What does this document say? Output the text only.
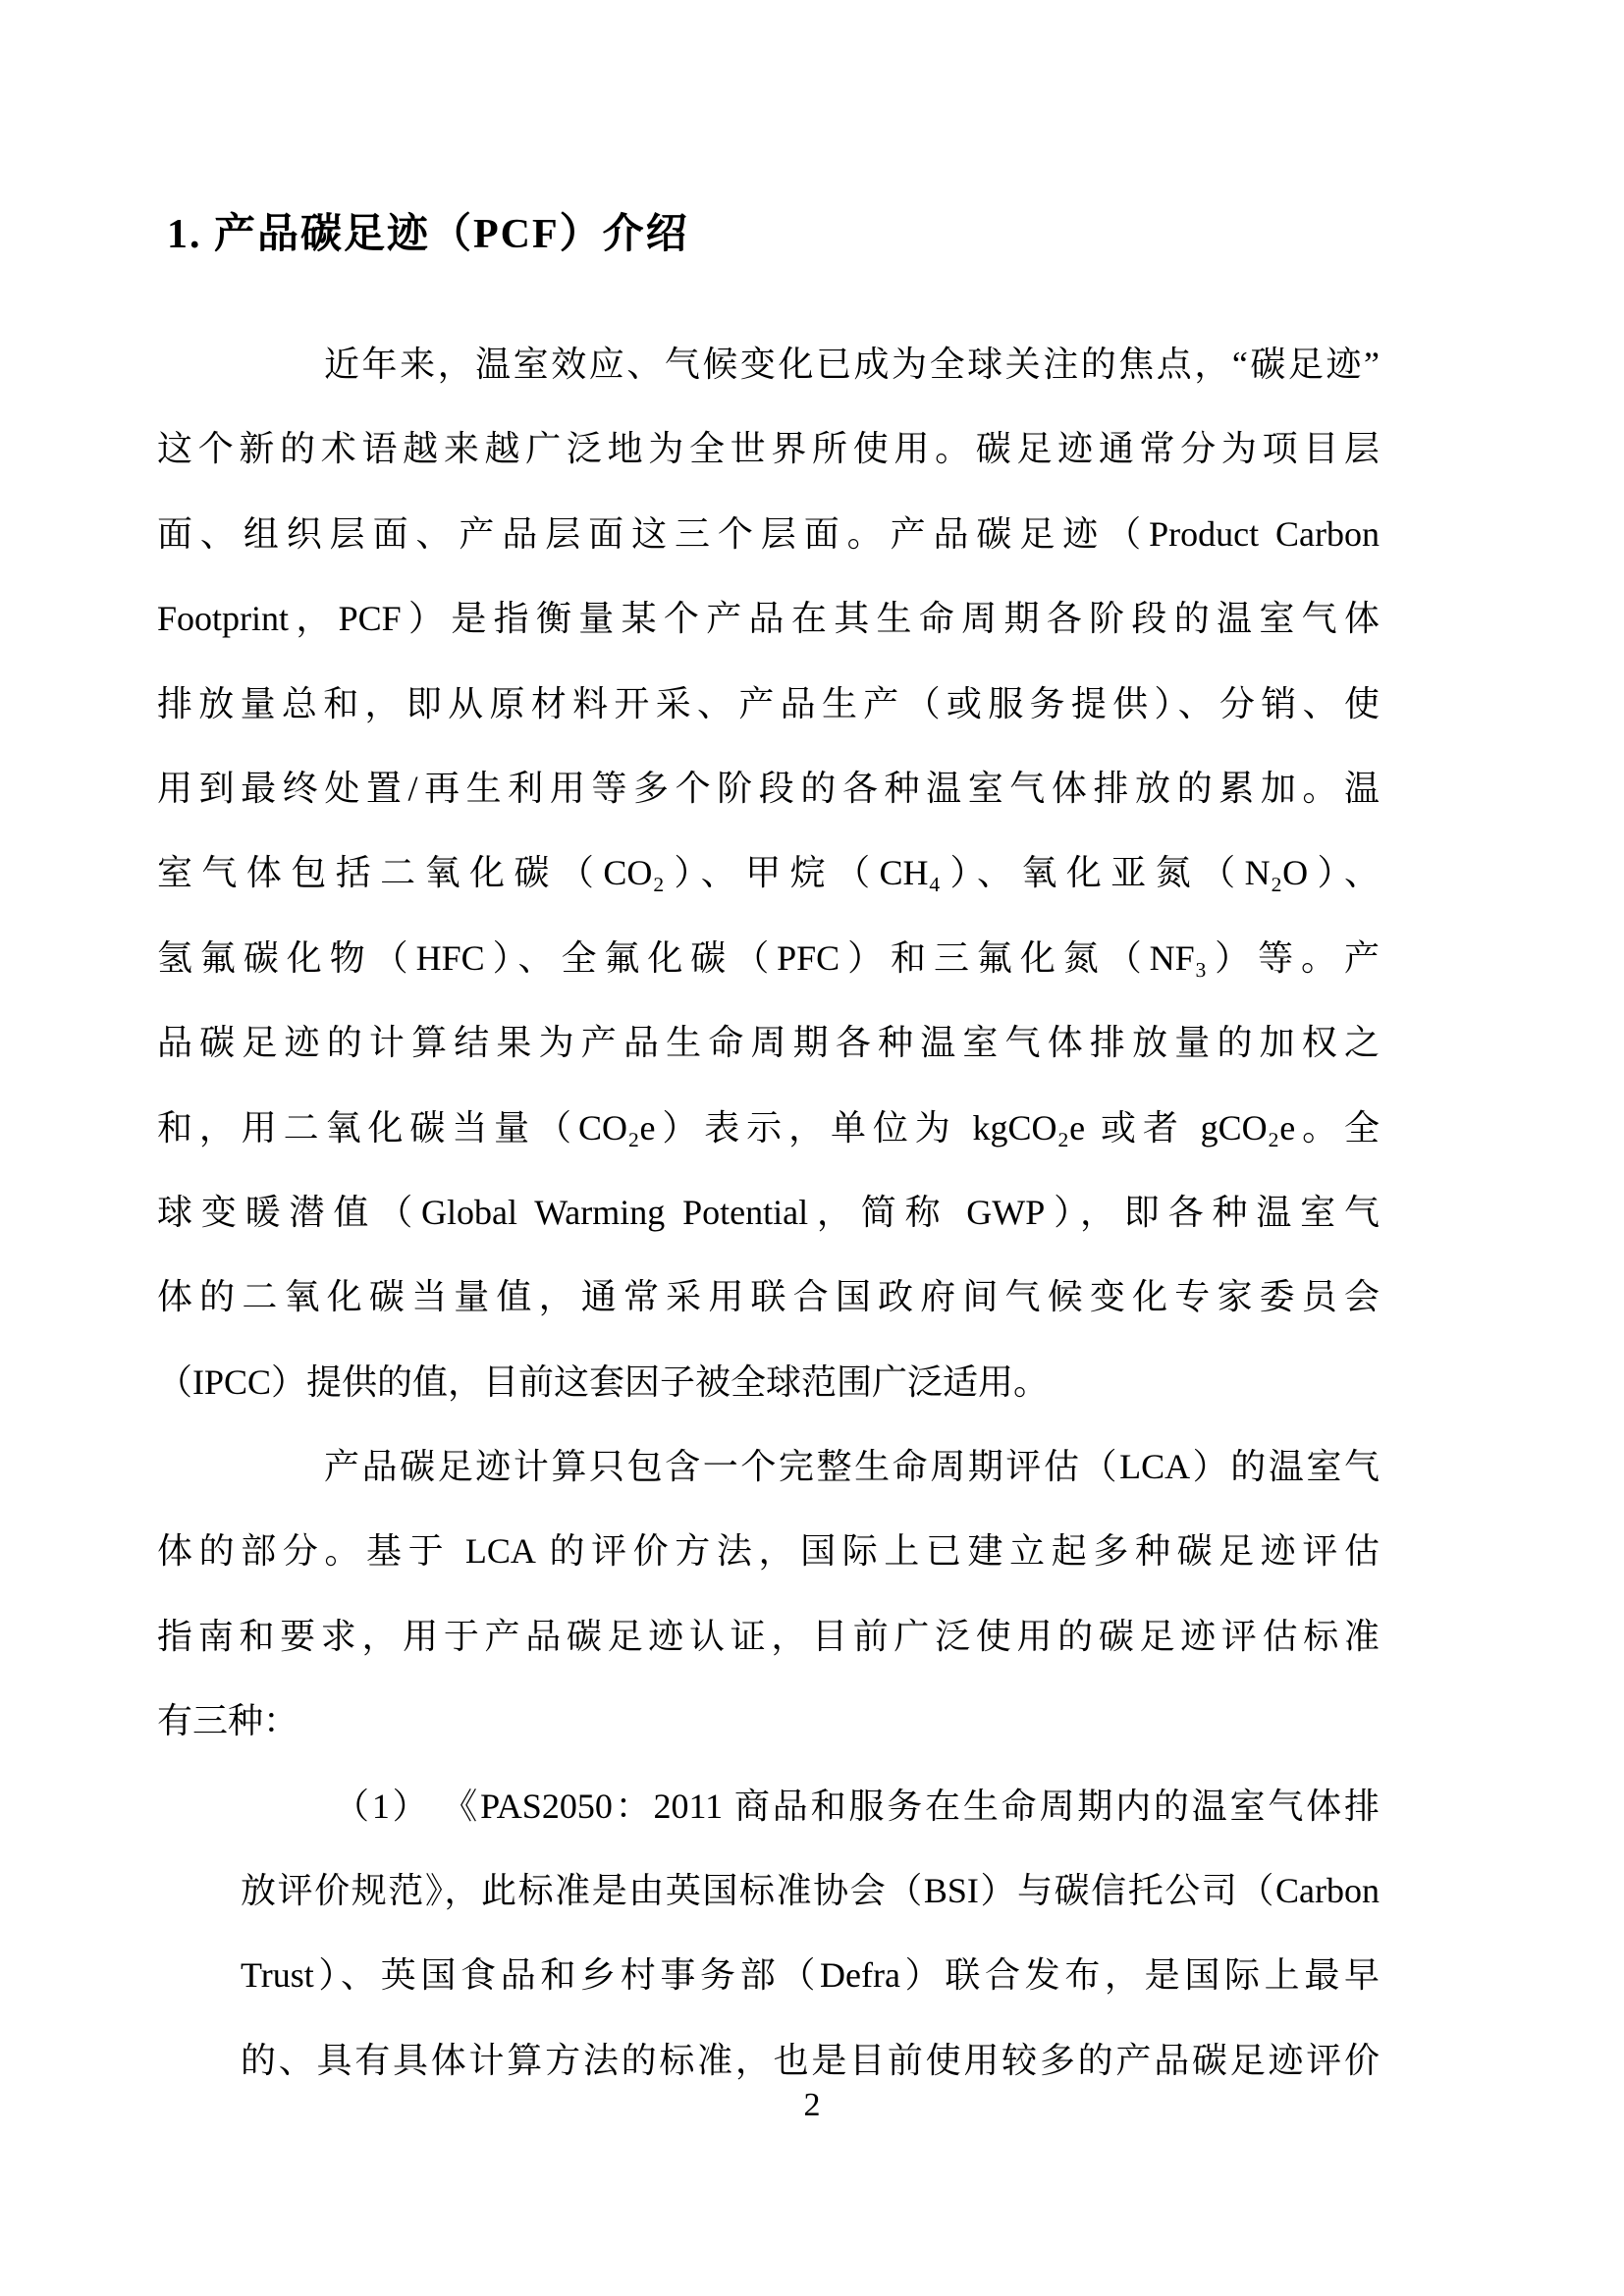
1. 产品碳足迹（PCF）介绍
近年来，温室效应、气候变化已成为全球关注的焦点，“碳足迹”
这个新的术语越来越广泛地为全世界所使用。碳足迹通常分为项目层
面、组织层面、产品层面这三个层面。产品碳足迹（Product Carbon
Footprint，PCF）是指衡量某个产品在其生命周期各阶段的温室气体
排放量总和，即从原材料开采、产品生产（或服务提供）、分销、使
用到最终处置/再生利用等多个阶段的各种温室气体排放的累加。温
室气体包括二氧化碳（CO₂）、甲烷（CH₄）、氧化亚氮（N₂O）、
氢氟碳化物（HFC）、全氟化碳（PFC）和三氟化氮（NF₃）等。产
品碳足迹的计算结果为产品生命周期各种温室气体排放量的加权之
和，用二氧化碳当量（CO₂e）表示，单位为 kgCO₂e 或者 gCO₂e。全
球变暖潜值（Global Warming Potential，简称 GWP），即各种温室气
体的二氧化碳当量值，通常采用联合国政府间气候变化专家委员会
（IPCC）提供的值，目前这套因子被全球范围广泛适用。
产品碳足迹计算只包含一个完整生命周期评估（LCA）的温室气
体的部分。基于 LCA 的评价方法，国际上已建立起多种碳足迹评估
指南和要求，用于产品碳足迹认证，目前广泛使用的碳足迹评估标准
有三种：
（1） 《PAS2050：2011 商品和服务在生命周期内的温室气体排
放评价规范》，此标准是由英国标准协会（BSI）与碳信托公司（Carbon
Trust）、英国食品和乡村事务部（Defra）联合发布，是国际上最早
的、具有具体计算方法的标准，也是目前使用较多的产品碳足迹评价
2
